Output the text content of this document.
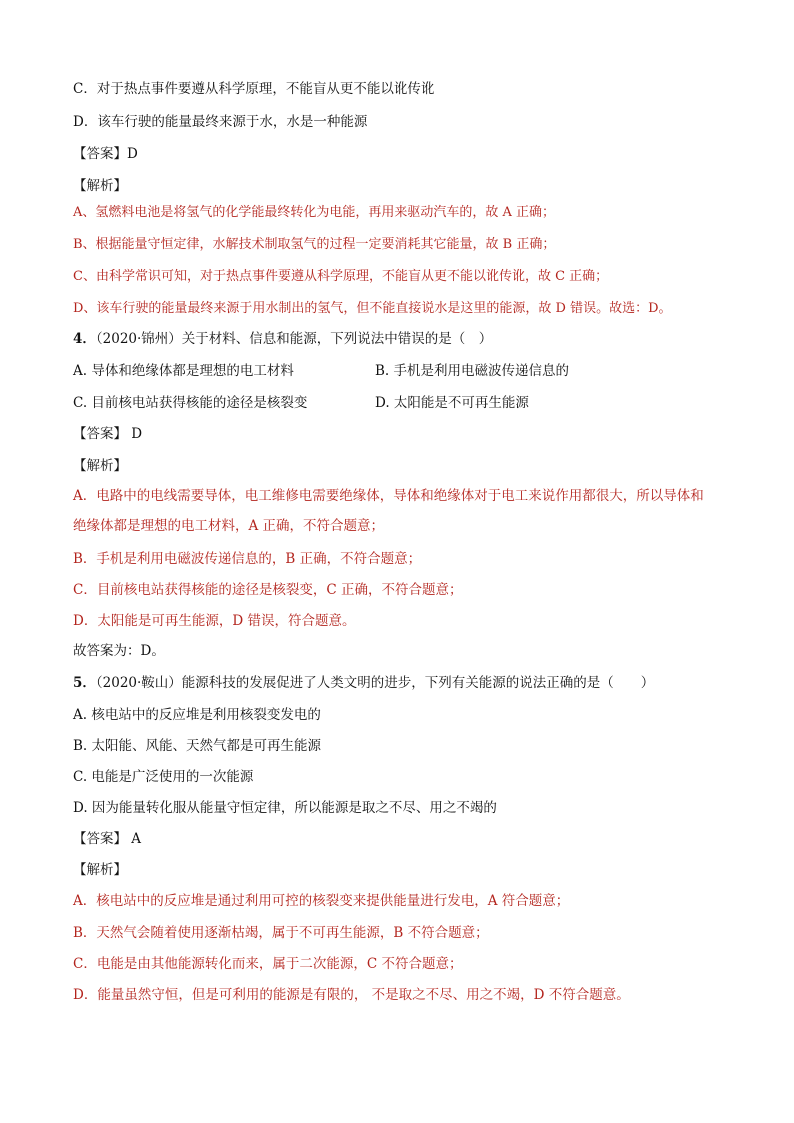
C．对于热点事件要遵从科学原理，不能盲从更不能以讹传讹
D．该车行驶的能量最终来源于水，水是一种能源
【答案】D
【解析】
A、氢燃料电池是将氢气的化学能最终转化为电能，再用来驱动汽车的，故 A 正确；
B、根据能量守恒定律，水解技术制取氢气的过程一定要消耗其它能量，故 B 正确；
C、由科学常识可知，对于热点事件要遵从科学原理，不能盲从更不能以讹传讹，故 C 正确；
D、该车行驶的能量最终来源于用水制出的氢气，但不能直接说水是这里的能源，故 D 错误。故选：D。
4．（2020·锦州）关于材料、信息和能源，下列说法中错误的是（　）
A. 导体和绝缘体都是理想的电工材料	B. 手机是利用电磁波传递信息的
C. 目前核电站获得核能的途径是核裂变	D. 太阳能是不可再生能源
【答案】 D
【解析】
A．电路中的电线需要导体，电工维修电需要绝缘体，导体和绝缘体对于电工来说作用都很大，所以导体和
绝缘体都是理想的电工材料，A 正确，不符合题意；
B．手机是利用电磁波传递信息的，B 正确，不符合题意；
C．目前核电站获得核能的途径是核裂变，C 正确，不符合题意；
D．太阳能是可再生能源，D 错误，符合题意。
故答案为：D。
5．（2020·鞍山）能源科技的发展促进了人类文明的进步，下列有关能源的说法正确的是（　　）
A. 核电站中的反应堆是利用核裂变发电的
B. 太阳能、风能、天然气都是可再生能源
C. 电能是广泛使用的一次能源
D. 因为能量转化服从能量守恒定律，所以能源是取之不尽、用之不竭的
【答案】 A
【解析】
A．核电站中的反应堆是通过利用可控的核裂变来提供能量进行发电，A 符合题意；
B．天然气会随着使用逐渐枯竭，属于不可再生能源，B 不符合题意；
C．电能是由其他能源转化而来，属于二次能源，C 不符合题意；
D．能量虽然守恒，但是可利用的能源是有限的， 不是取之不尽、用之不竭，D 不符合题意。
